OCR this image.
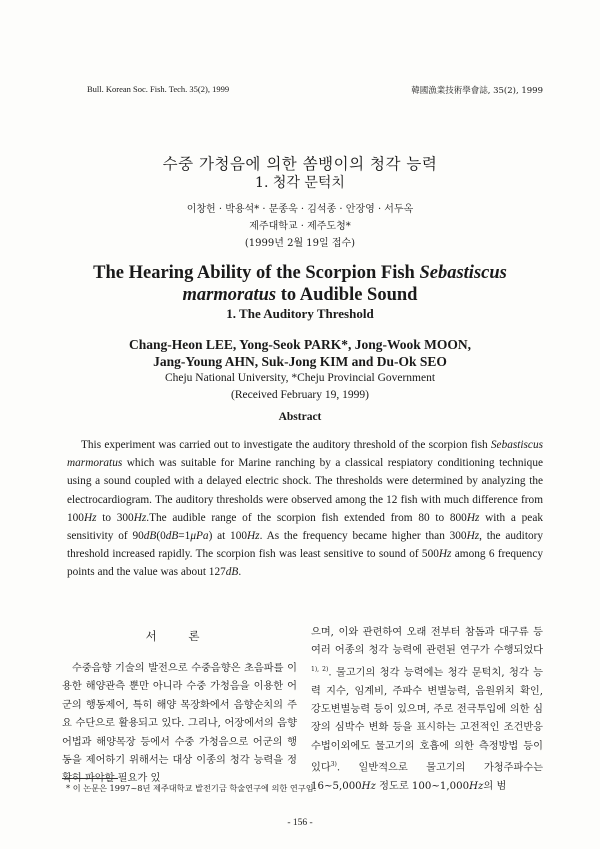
Bull. Korean Soc. Fish. Tech. 35(2), 1999	韓國漁業技術學會誌, 35(2), 1999
수중 가청음에 의한 쏨뱅이의 청각 능력
1. 청각 문턱치
이창헌 · 박용석* · 문종욱 · 김석종 · 안장영 · 서두옥
제주대학교 · 제주도청*
(1999년 2월 19일 접수)
The Hearing Ability of the Scorpion Fish Sebastiscus
marmoratus to Audible Sound
1. The Auditory Threshold
Chang-Heon LEE, Yong-Seok PARK*, Jong-Wook MOON,
Jang-Young AHN, Suk-Jong KIM and Du-Ok SEO
Cheju National University, *Cheju Provincial Government
(Received February 19, 1999)
Abstract

This experiment was carried out to investigate the auditory threshold of the scorpion fish Sebastiscus marmoratus which was suitable for Marine ranching by a classical respiatory conditioning technique using a sound coupled with a delayed electric shock. The thresholds were determined by analyzing the electrocardiogram. The auditory thresholds were observed among the 12 fish with much difference from 100Hz to 300Hz.The audible range of the scorpion fish extended from 80 to 800Hz with a peak sensitivity of 90dB(0dB=1μPa) at 100Hz. As the frequency became higher than 300Hz, the auditory threshold increased rapidly. The scorpion fish was least sensitive to sound of 500Hz among 6 frequency points and the value was about 127dB.

서 론

수중음향 기술의 발전으로 수중음향은 초음파를 이용한 해양관측 뿐만 아니라 수중 가청음을 이용한 어군의 행동제어, 특히 해양 목장화에서 음향순치의 주요 수단으로 활용되고 있다. 그리나, 어장에서의 음향어법과 해양목장 등에서 수중 가청음으로 어군의 행동을 제어하기 위해서는 대상 이종의 청각 능력을 정확히 파악할 필요가 있

으며, 이와 관련하여 오래 전부터 참돔과 대구류 등 여러 어종의 청각 능력에 관련된 연구가 수행되었다$^{1), 2)}$. 물고기의 청각 능력에는 청각 문턱치, 청각 능력 지수, 임계비, 주파수 변별능력, 음원위치 확인, 강도변별능력 등이 있으며, 주로 전극투입에 의한 심장의 심박수 변화 등을 표시하는 고전적인 조건반응 수법이외에도 물고기의 호흡에 의한 측정방법 등이 있다$^{3)}$. 일반적으로 물고기의 가청주파수는 16~5,000Hz 정도로 100~1,000Hz의 범

* 이 논문은 1997~8년 제주대학교 발전기금 학술연구에 의한 연구임.
- 156 -
